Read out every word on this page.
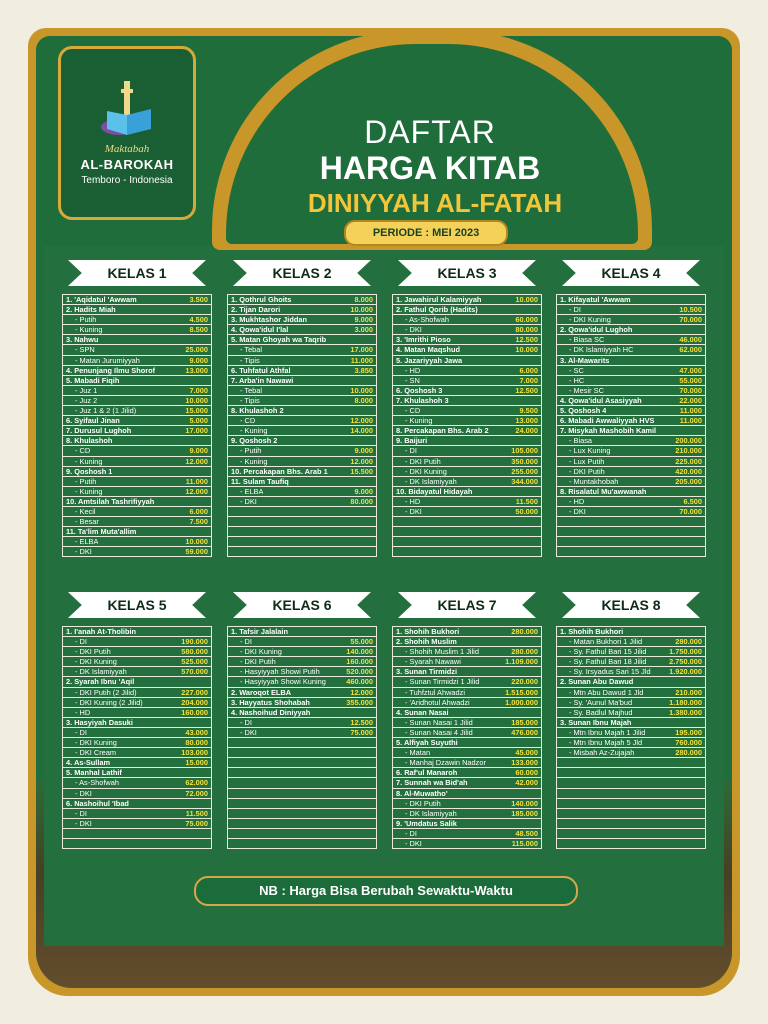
Maktabah
AL-BAROKAH
Temboro - Indonesia
DAFTAR
HARGA KITAB
DINIYYAH AL-FATAH
PERIODE : MEI 2023
KELAS 1
1. 'Aqidatul 'Awwam	3.500
2. Hadits Miah
- Putih	4.500
- Kuning	8.500
3. Nahwu
- SPN	25.000
- Matan Jurumiyyah	9.000
4. Penunjang Ilmu Shorof	13.000
5. Mabadi Fiqih
- Juz 1	7.000
- Juz 2	10.000
- Juz 1 & 2 (1 Jilid)	15.000
6. Syifaul Jinan	5.000
7. Durusul Lughoh	17.000
8. Khulashoh
- CD	9.000
- Kuning	12.000
9. Qoshosh 1
- Putih	11.000
- Kuning	12.000
10. Amtsilah Tashrifiyyah
- Kecil	6.000
- Besar	7.500
11. Ta'lim Muta'allim
- ELBA	10.000
- DKI	59.000
KELAS 2
1. Qothrul Ghoits	8.000
2. Tijan Darori	10.000
3. Mukhtashor Jiddan	9.000
4. Qowa'idul I'lal	3.000
5. Matan Ghoyah wa Taqrib
- Tebal	17.000
- Tipis	11.000
6. Tuhfatul Athfal	3.850
7. Arba'in Nawawi
- Tebal	10.000
- Tipis	8.000
8. Khulashoh 2
- CD	12.000
- Kuning	14.000
9. Qoshosh 2
- Putih	9.000
- Kuning	12.000
10. Percakapan Bhs. Arab 1	15.500
11. Sulam Taufiq
- ELBA	9.000
- DKI	80.000
KELAS 3
1. Jawahirul Kalamiyyah	10.000
2. Fathul Qorib (Hadits)
- As-Shofwah	60.000
- DKI	80.000
3. 'Imrithi Pioso	12.500
4. Matan Maqshud	10.000
5. Jazariyyah Jawa
- HD	6.000
- SN	7.000
6. Qoshosh 3	12.500
7. Khulashoh 3
- CD	9.500
- Kuning	13.000
8. Percakapan Bhs. Arab 2	24.000
9. Baijuri
- DI	105.000
- DKI Putih	350.000
- DKI Kuning	255.000
- DK Islamiyyah	344.000
10. Bidayatul Hidayah
- HD	11.500
- DKI	50.000
KELAS 4
1. Kifayatul 'Awwam
- DI	10.500
- DKI Kuning	70.000
2. Qowa'idul Lughoh
- Biasa SC	46.000
- DK Islamiyyah HC	62.000
3. Al-Mawarits
- SC	47.000
- HC	55.000
- Mesir SC	70.000
4. Qowa'idul Asasiyyah	22.000
5. Qoshosh 4	11.000
6. Mabadi Awwaliyyah HVS	11.000
7. Misykah Mashobih Kamil
- Biasa	200.000
- Lux Kuning	210.000
- Lux Putih	225.000
- DKI Putih	420.000
- Muntakhobah	205.000
8. Risalatul Mu'awwanah
- HD	6.500
- DKI	70.000
KELAS 5
1. I'anah At-Tholibin
- DI	190.000
- DKI Putih	580.000
- DKI Kuning	525.000
- DK Islamiyyah	570.000
2. Syarah Ibnu 'Aqil
- DKI Putih (2 Jilid)	227.000
- DKI Kuning (2 Jilid)	204.000
- HD	160.000
3. Hasyiyah Dasuki
- DI	43.000
- DKI Kuning	80.000
- DKI Cream	103.000
4. As-Sullam	15.000
5. Manhal Lathif
- As-Shofwah	62.000
- DKI	72.000
6. Nashoihul 'Ibad
- DI	11.500
- DKI	75.000
KELAS 6
1. Tafsir Jalalain
- DI	55.000
- DKI Kuning	140.000
- DKI Putih	160.000
- Hasyiyyah Showi Putih	520.000
- Hasyiyyah Showi Kuning	460.000
2. Waroqot ELBA	12.000
3. Hayyatus Shohabah	355.000
4. Nashoihud Diniyyah
- DI	12.500
- DKI	75.000
KELAS 7
1. Shohih Bukhori	280.000
2. Shohih Muslim
- Shohih Muslim 1 Jilid	280.000
- Syarah Nawawi	1.109.000
3. Sunan Tirmidzi
- Sunan Tirmidzi 1 Jilid	220.000
- Tuhfztul Ahwadzi	1.515.000
- 'Aridhotul Ahwadzi	1.000.000
4. Sunan Nasai
- Sunan Nasai 1 Jilid	185.000
- Sunan Nasai 4 Jilid	476.000
5. Alfiyah Suyuthi
- Matan	45.000
- Manhaj Dzawin Nadzor	133.000
6. Raf'ul Manaroh	60.000
7. Sunnah wa Bid'ah	42.000
8. Al-Muwatho'
- DKI Putih	140.000
- DK Islamiyyah	185.000
9. 'Umdatus Salik
- DI	48.500
- DKI	115.000
KELAS 8
1. Shohih Bukhori
- Matan Bukhori 1 Jilid	280.000
- Sy. Fathul Bari 15 Jilid	1.750.000
- Sy. Fathul Bari 18 Jilid	2.750.000
- Sy. Irsyadus Sari 15 Jld	1.920.000
2. Sunan Abu Dawud
- Mtn Abu Dawud 1 Jld	210.000
- Sy. 'Aunul Ma'bud	1.180.000
- Sy. Badlul Majhud	1.380.000
3. Sunan Ibnu Majah
- Mtn Ibnu Majah 1 Jilid	195.000
- Mtn Ibnu Majah 5 Jld	760.000
- Misbah Az-Zujajah	280.000
NB : Harga Bisa Berubah Sewaktu-Waktu
